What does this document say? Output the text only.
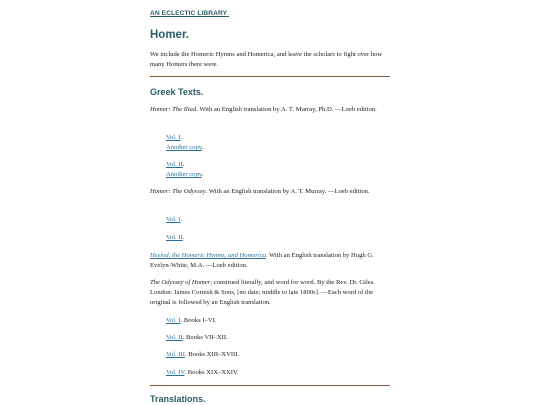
AN ECLECTIC LIBRARY.
Homer.

We include the Homeric Hymns and Homerica, and leave the scholars to fight over how many Homers there were.

Greek Texts.

Homer: The Iliad. With an English translation by A. T. Murray, Ph.D. —Loeb edition.

Vol. I.

Another copy.

Vol. II.

Another copy.

Homer: The Odyssey. With an English translation by A. T. Murray. —Loeb edition.

Vol. I.

Vol. II.

Hesiod, the Homeric Hymns, and Homerica. With an English translation by Hugh G. Evelyn-White, M.A. —Loeb edition.

The Odyssey of Homer; construed literally, and word for word. By the Rev. Dr. Giles. London: James Cornish & Sons, [no date; middle to late 1800s]. —Each word of the original is followed by an English translation.

Vol. I. Books I–VI.

Vol. II. Books VII–XII.

Vol. III. Books XIII–XVIII.

Vol. IV. Books XIX–XXIV.

Translations.
